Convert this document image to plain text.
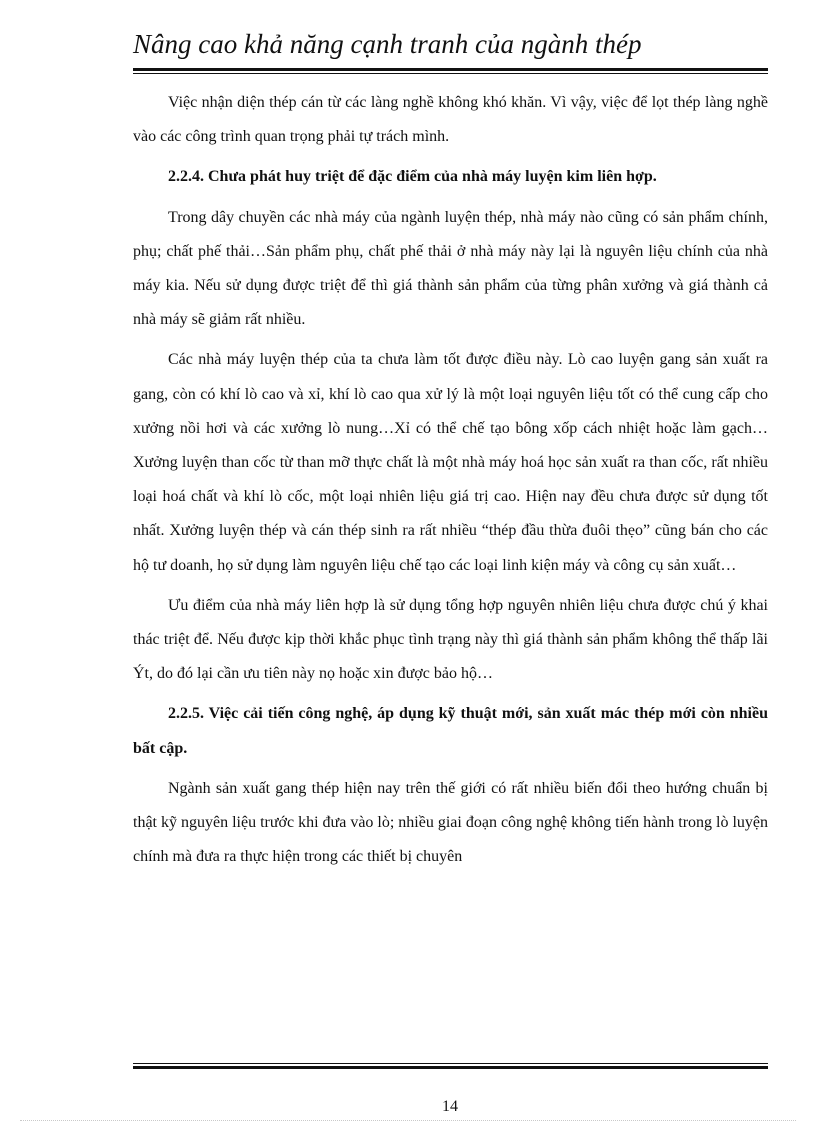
Nâng cao khả năng cạnh tranh của ngành thép

Việc nhận diện thép cán từ các làng nghề không khó khăn. Vì vậy, việc để lọt thép làng nghề vào các công trình quan trọng phải tự trách mình.

2.2.4. Chưa phát huy triệt để đặc điểm của nhà máy luyện kim liên hợp.

Trong dây chuyền các nhà máy của ngành luyện thép, nhà máy nào cũng có sản phẩm chính, phụ; chất phế thải…Sản phẩm phụ, chất phế thải ở nhà máy này lại là nguyên liệu chính của nhà máy kia. Nếu sử dụng được triệt để thì giá thành sản phẩm của từng phân xưởng và giá thành cả nhà máy sẽ giảm rất nhiều.

Các nhà máy luyện thép của ta chưa làm tốt được điều này. Lò cao luyện gang sản xuất ra gang, còn có khí lò cao và xỉ, khí lò cao qua xử lý là một loại nguyên liệu tốt có thể cung cấp cho xưởng nồi hơi và các xưởng lò nung…Xỉ có thể chế tạo bông xốp cách nhiệt hoặc làm gạch… Xưởng luyện than cốc từ than mỡ thực chất là một nhà máy hoá học sản xuất ra than cốc, rất nhiều loại hoá chất và khí lò cốc, một loại nhiên liệu giá trị cao. Hiện nay đều chưa được sử dụng tốt nhất. Xưởng luyện thép và cán thép sinh ra rất nhiều “thép đầu thừa đuôi thẹo” cũng bán cho các hộ tư doanh, họ sử dụng làm nguyên liệu chế tạo các loại linh kiện máy và công cụ sản xuất…

Ưu điểm của nhà máy liên hợp là sử dụng tổng hợp nguyên nhiên liệu chưa được chú ý khai thác triệt để. Nếu được kịp thời khắc phục tình trạng này thì giá thành sản phẩm không thể thấp lãi Ýt, do đó lại cần ưu tiên này nọ hoặc xin được bảo hộ…

2.2.5. Việc cải tiến công nghệ, áp dụng kỹ thuật mới, sản xuất mác thép mới còn nhiều bất cập.

Ngành sản xuất gang thép hiện nay trên thế giới có rất nhiều biến đổi theo hướng chuẩn bị thật kỹ nguyên liệu trước khi đưa vào lò; nhiều giai đoạn công nghệ không tiến hành trong lò luyện chính mà đưa ra thực hiện trong các thiết bị chuyên

14
